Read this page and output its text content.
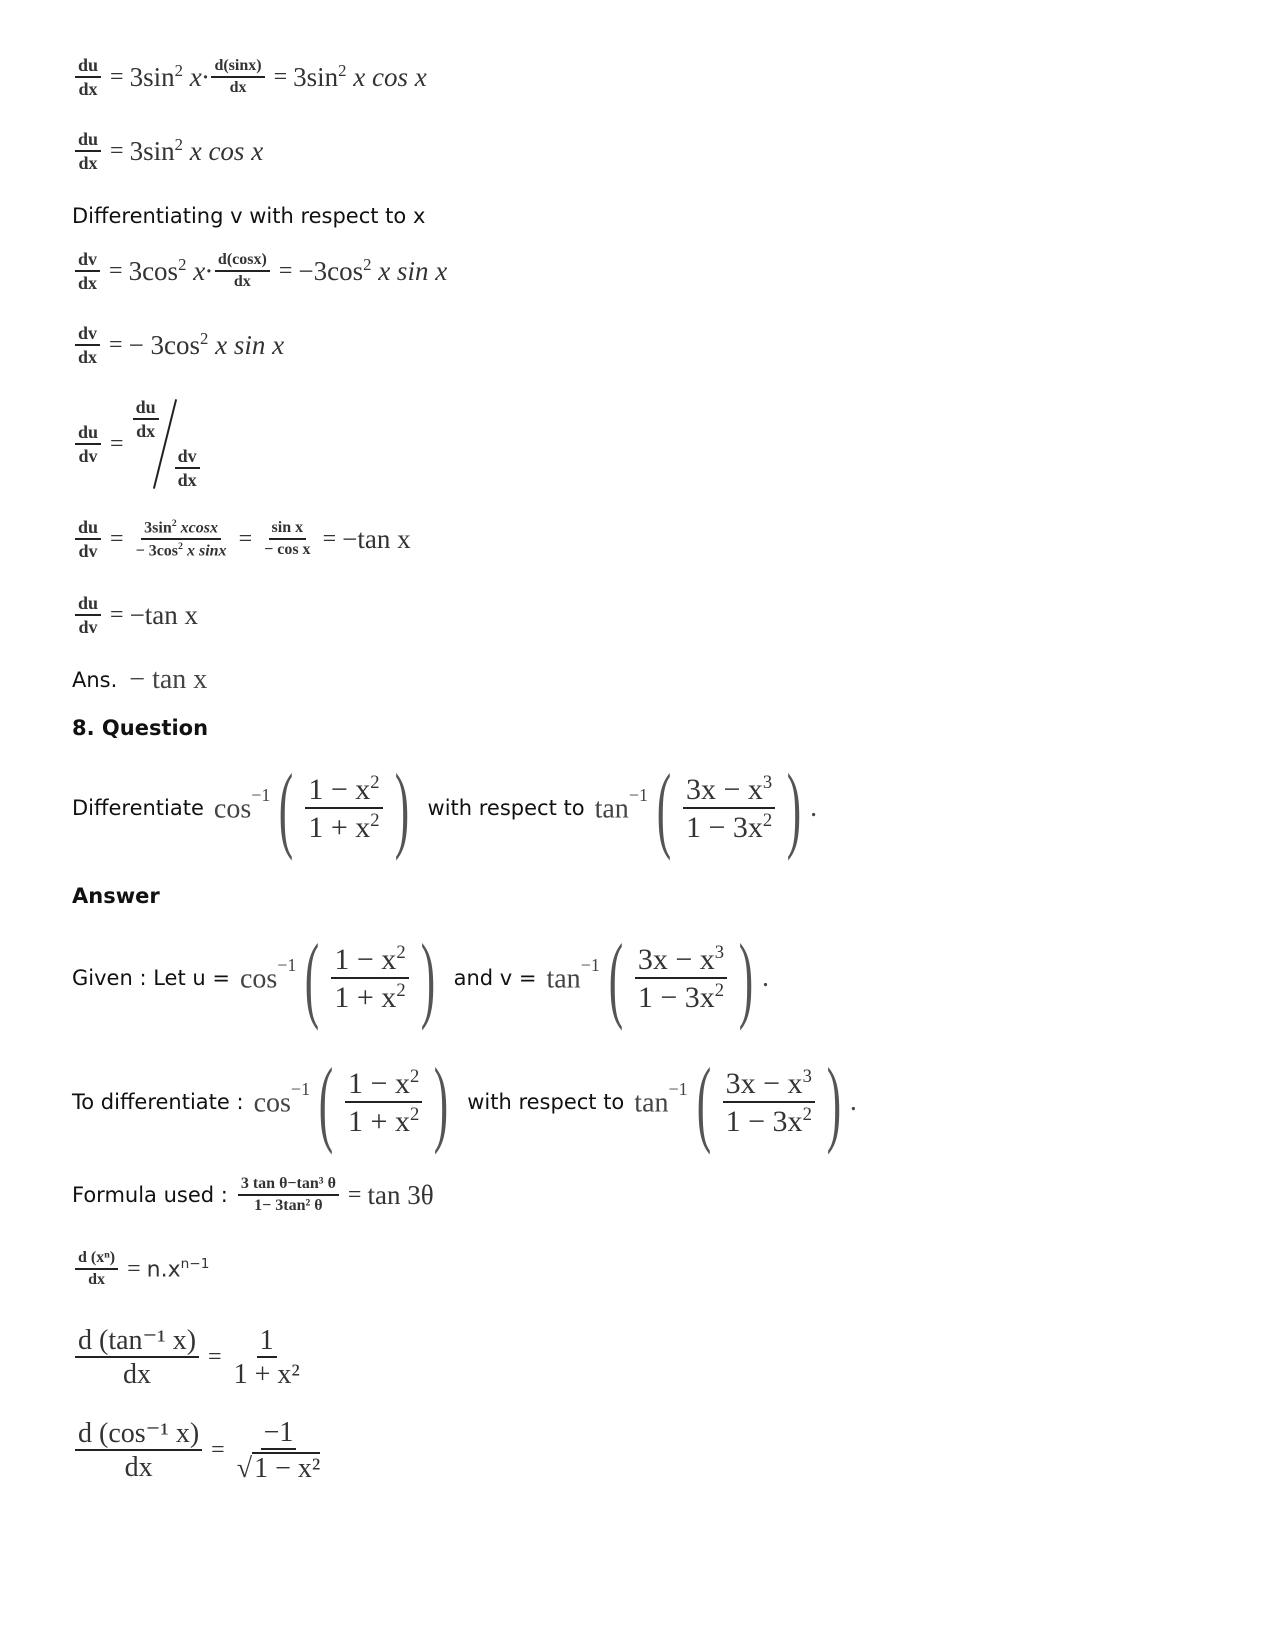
$\frac{du}{dx} = 3\sin^2$ $x\cdot \frac{d(\sin x)}{dx} = 3\sin^2$ x cos x
$\frac{du}{dx} = 3\sin^2$ x cos x
Differentiating v with respect to x
$\frac{dv}{dx} = 3\cos^2$ $x\cdot \frac{d(\cos x)}{dx} = -3\cos^2$ x sin x
$\frac{dv}{dx}$ = − $3\cos^2$ x sin x
$\frac{du}{dv}$ =
$\frac{du}{dx}$
$\frac{dv}{dx}$
$\frac{du}{dv} = \frac{3\sin^2 xcosx}{- 3\cos^2 x \sin x} = \frac{\text{sin x}}{\text{− cos x}} = -\tan$ x
$\frac{du}{dv} = -\tan$ x
Ans. − tan x
8. Question
Differentiate $\cos^{-1}$ ( $\frac{1 - x^2}{1 + x^2}$ ) with respect to $\tan^{-1}$ ( $\frac{3x - x^3}{1 - 3x^2}$ ) .
Answer
Given : Let $u = \cos^{-1}$ ( $\frac{1 - x^2}{1 + x^2}$ ) and $v = \tan^{-1}$ ( $\frac{3x - x^3}{1 - 3x^2}$ ) .
To differentiate : $\cos^{-1}$ ( $\frac{1 - x^2}{1 + x^2}$ ) with respect to $\tan^{-1}$ ( $\frac{3x - x^3}{1 - 3x^2}$ ) .
Formula used : $\frac{\text{3 tan θ−tan³ θ}}{\text{1− 3tan² θ}} = \tan 3\theta$
$\frac{\text{d (xⁿ)}}{dx} = n.x^{n-1}$
$\frac{\text{d (tan⁻¹ x)}}{dx} = \frac{1}{\text{1 + x²}}$
$\frac{\text{d (cos⁻¹ x)}}{dx} = \frac{-1}{\text{√1 − x²}}$
